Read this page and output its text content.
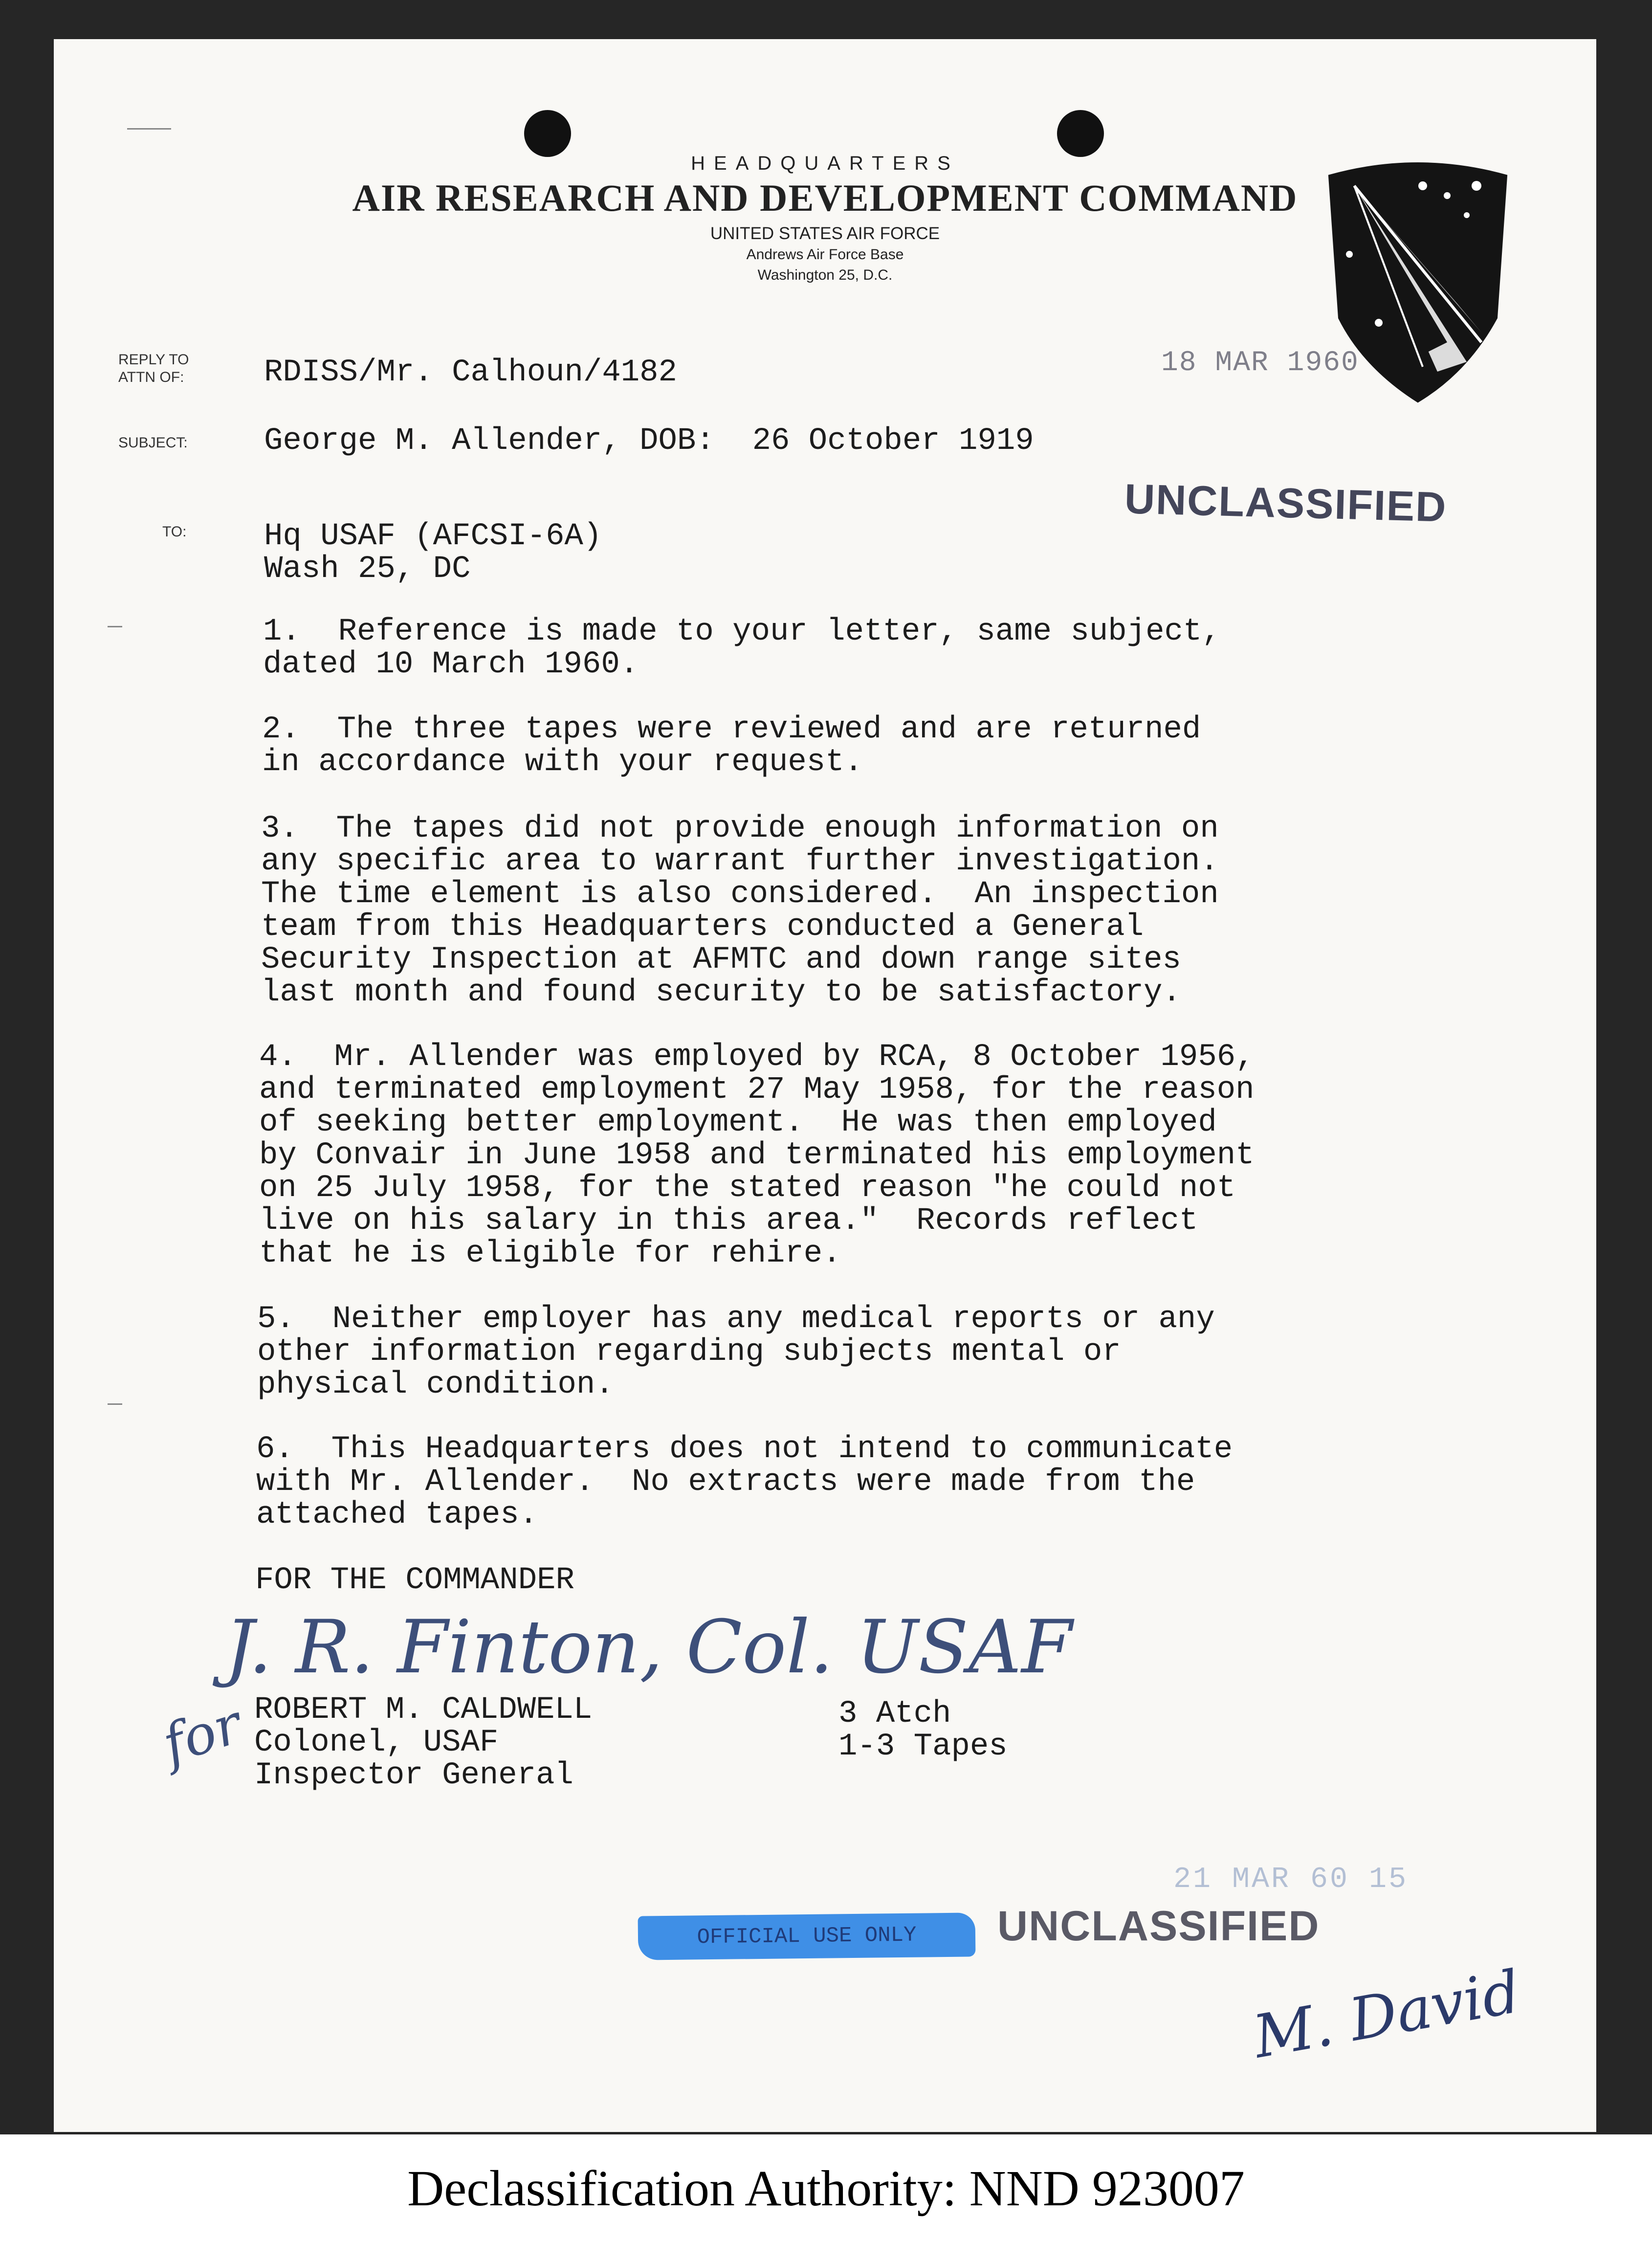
HEADQUARTERS
AIR RESEARCH AND DEVELOPMENT COMMAND
UNITED STATES AIR FORCE
Andrews Air Force Base
Washington 25, D.C.
REPLY TO
ATTN OF:
SUBJECT:
TO:
RDISS/Mr. Calhoun/4182
George M. Allender, DOB:  26 October 1919
Hq USAF (AFCSI-6A)
Wash 25, DC
18 MAR 1960
UNCLASSIFIED
1.  Reference is made to your letter, same subject,
dated 10 March 1960.
2.  The three tapes were reviewed and are returned
in accordance with your request.
3.  The tapes did not provide enough information on
any specific area to warrant further investigation.
The time element is also considered.  An inspection
team from this Headquarters conducted a General
Security Inspection at AFMTC and down range sites
last month and found security to be satisfactory.
4.  Mr. Allender was employed by RCA, 8 October 1956,
and terminated employment 27 May 1958, for the reason
of seeking better employment.  He was then employed
by Convair in June 1958 and terminated his employment
on 25 July 1958, for the stated reason "he could not
live on his salary in this area."  Records reflect
that he is eligible for rehire.
5.  Neither employer has any medical reports or any
other information regarding subjects mental or
physical condition.
6.  This Headquarters does not intend to communicate
with Mr. Allender.  No extracts were made from the
attached tapes.
FOR THE COMMANDER
J. R. Finton, Col. USAF
for ROBERT M. CALDWELL
Colonel, USAF
Inspector General
3 Atch
1-3 Tapes
21 MAR 60 15
OFFICIAL USE ONLY UNCLASSIFIED
M. David
Declassification Authority: NND 923007
